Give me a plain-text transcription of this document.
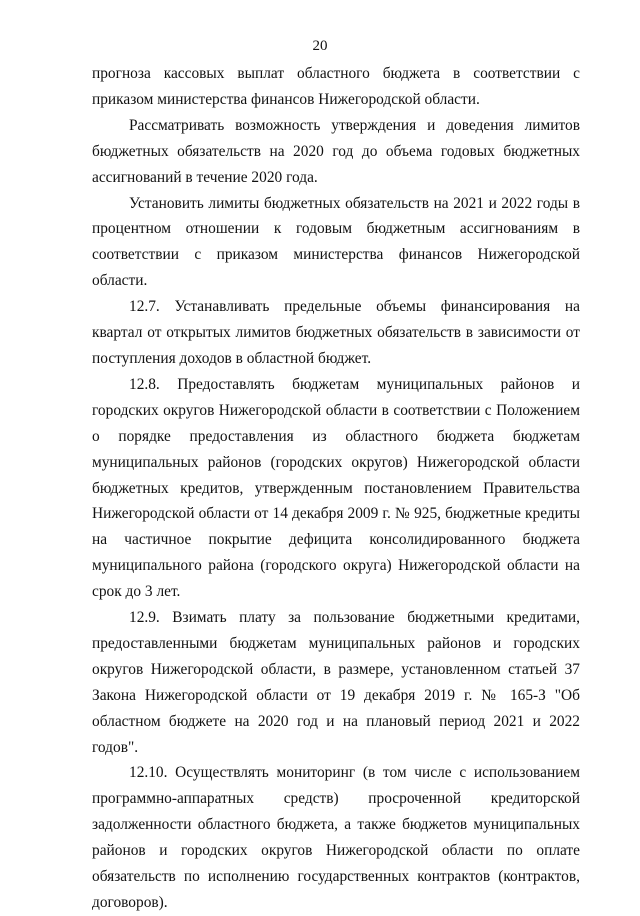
20

прогноза кассовых выплат областного бюджета в соответствии с приказом министерства финансов Нижегородской области.

Рассматривать возможность утверждения и доведения лимитов бюджетных обязательств на 2020 год до объема годовых бюджетных ассигнований в течение 2020 года.

Установить лимиты бюджетных обязательств на 2021 и 2022 годы в процентном отношении к годовым бюджетным ассигнованиям в соответствии с приказом министерства финансов Нижегородской области.

12.7. Устанавливать предельные объемы финансирования на квартал от открытых лимитов бюджетных обязательств в зависимости от поступления доходов в областной бюджет.

12.8. Предоставлять бюджетам муниципальных районов и городских округов Нижегородской области в соответствии с Положением о порядке предоставления из областного бюджета бюджетам муниципальных районов (городских округов) Нижегородской области бюджетных кредитов, утвержденным постановлением Правительства Нижегородской области от 14 декабря 2009 г. № 925, бюджетные кредиты на частичное покрытие дефицита консолидированного бюджета муниципального района (городского округа) Нижегородской области на срок до 3 лет.

12.9. Взимать плату за пользование бюджетными кредитами, предоставленными бюджетам муниципальных районов и городских округов Нижегородской области, в размере, установленном статьей 37 Закона Нижегородской области от 19 декабря 2019 г. № 165-З "Об областном бюджете на 2020 год и на плановый период 2021 и 2022 годов".

12.10. Осуществлять мониторинг (в том числе с использованием программно-аппаратных средств) просроченной кредиторской задолженности областного бюджета, а также бюджетов муниципальных районов и городских округов Нижегородской области по оплате обязательств по исполнению государственных контрактов (контрактов, договоров).
